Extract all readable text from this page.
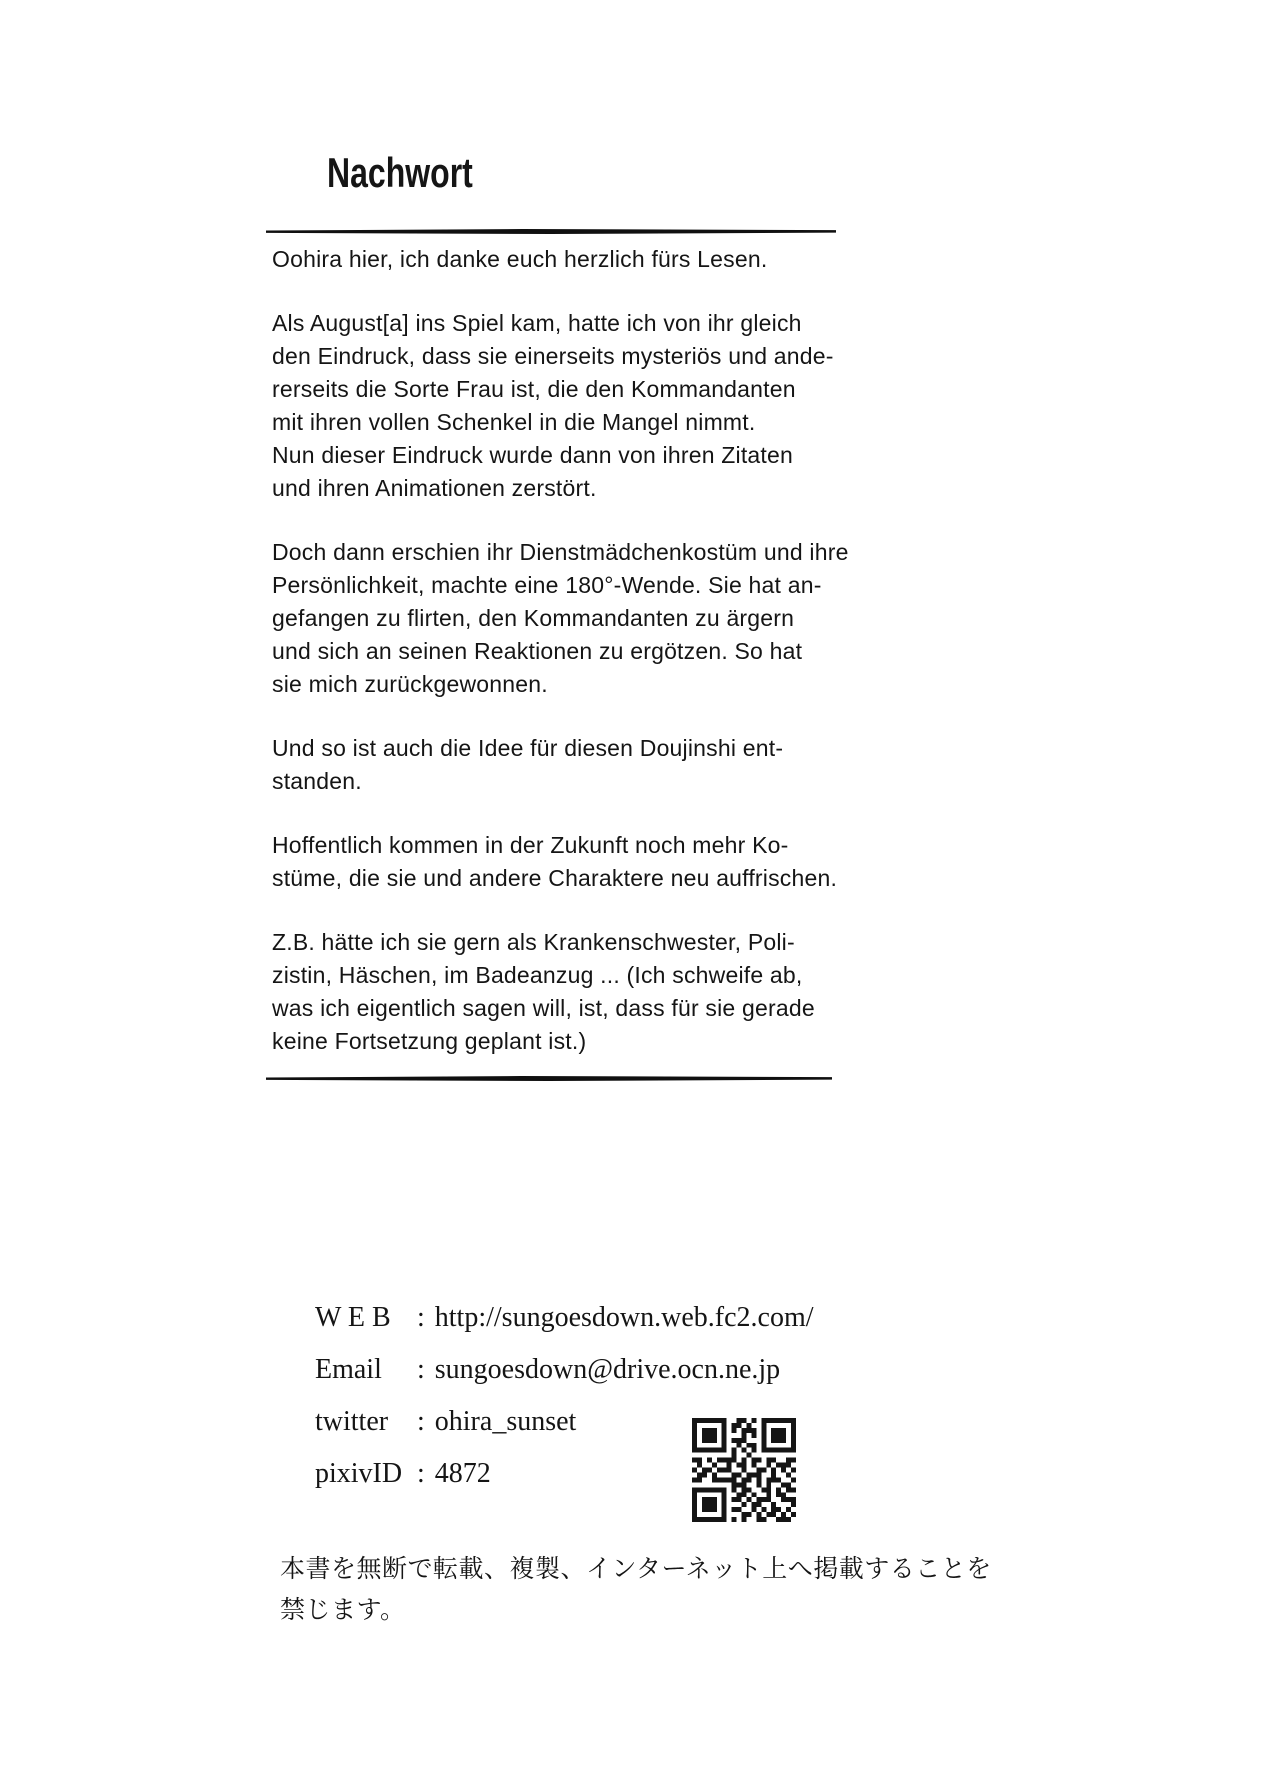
Nachwort
Oohira hier, ich danke euch herzlich fürs Lesen.
Als August[a] ins Spiel kam, hatte ich von ihr gleich
den Eindruck, dass sie einerseits mysteriös und ande-
rerseits die Sorte Frau ist, die den Kommandanten
mit ihren vollen Schenkel in die Mangel nimmt.
Nun dieser Eindruck wurde dann von ihren Zitaten
und ihren Animationen zerstört.
Doch dann erschien ihr Dienstmädchenkostüm und ihre
Persönlichkeit, machte eine 180°-Wende. Sie hat an-
gefangen zu flirten, den Kommandanten zu ärgern
und sich an seinen Reaktionen zu ergötzen. So hat
sie mich zurückgewonnen.
Und so ist auch die Idee für diesen Doujinshi ent-
standen.
Hoffentlich kommen in der Zukunft noch mehr Ko-
stüme, die sie und andere Charaktere neu auffrischen.
Z.B. hätte ich sie gern als Krankenschwester, Poli-
zistin, Häschen, im Badeanzug ... (Ich schweife ab,
was ich eigentlich sagen will, ist, dass für sie gerade
keine Fortsetzung geplant ist.)
W E B : http://sungoesdown.web.fc2.com/
Email : sungoesdown@drive.ocn.ne.jp
twitter : ohira_sunset
pixivID : 4872
本書を無断で転載、複製、インターネット上へ掲載することを
禁じます。
